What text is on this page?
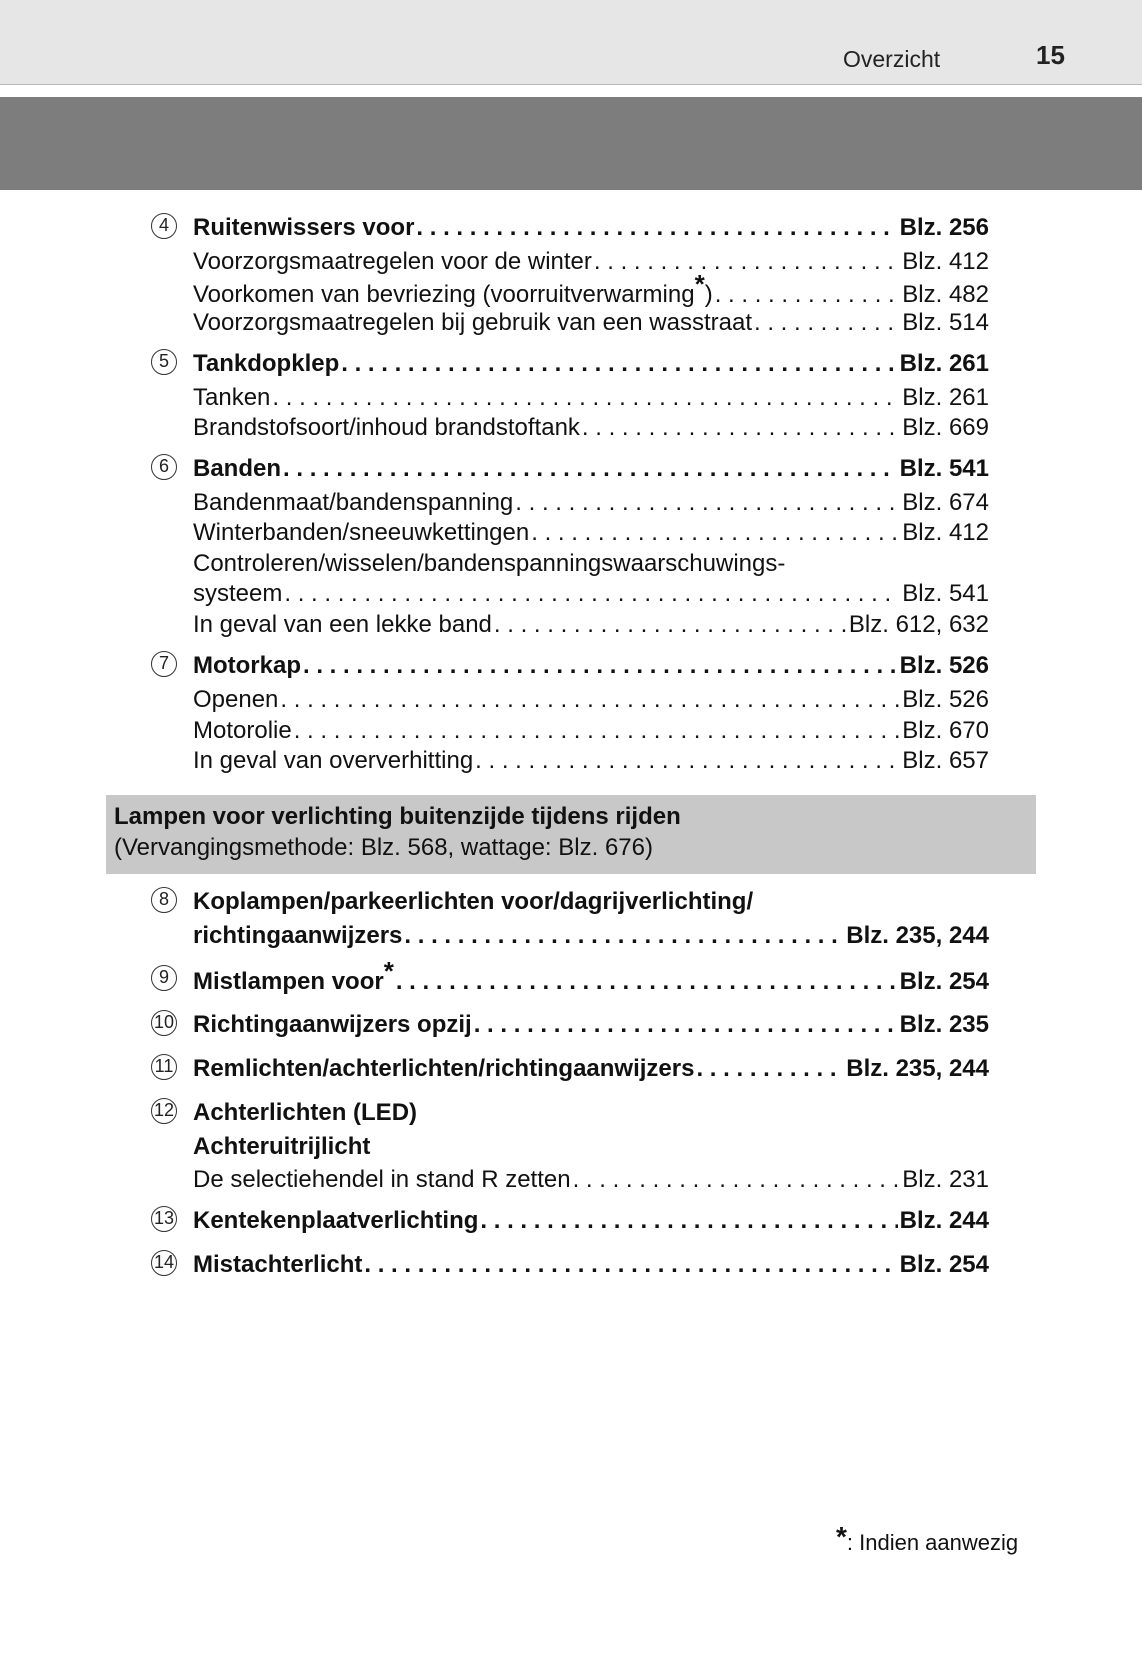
Overzicht	15
4	Ruitenwissers voor . . .	Blz. 256
Voorzorgsmaatregelen voor de winter . . .	Blz. 412
Voorkomen van bevriezing (voorruitverwarming*) . . .	Blz. 482
Voorzorgsmaatregelen bij gebruik van een wasstraat . . .	Blz. 514
5	Tankdopklep . . .	Blz. 261
Tanken . . .	Blz. 261
Brandstofsoort/inhoud brandstoftank . . .	Blz. 669
6	Banden . . .	Blz. 541
Bandenmaat/bandenspanning . . .	Blz. 674
Winterbanden/sneeuwkettingen . . .	Blz. 412
Controleren/wisselen/bandenspanningswaarschuwings-
systeem . . .	Blz. 541
In geval van een lekke band . . .	Blz. 612, 632
7	Motorkap . . .	Blz. 526
Openen . . .	Blz. 526
Motorolie . . .	Blz. 670
In geval van oververhitting . . .	Blz. 657
Lampen voor verlichting buitenzijde tijdens rijden
(Vervangingsmethode: Blz. 568, wattage: Blz. 676)
8	Koplampen/parkeerlichten voor/dagrijverlichting/
richtingaanwijzers . . .	Blz. 235, 244
9	Mistlampen voor* . . .	Blz. 254
10 Richtingaanwijzers opzij . . .	Blz. 235
11 Remlichten/achterlichten/richtingaanwijzers . . .	Blz. 235, 244
12 Achterlichten (LED)
Achteruitrijlicht
De selectiehendel in stand R zetten . . .	Blz. 231
13 Kentekenplaatverlichting . . .	Blz. 244
14 Mistachterlicht . . .	Blz. 254
*: Indien aanwezig
